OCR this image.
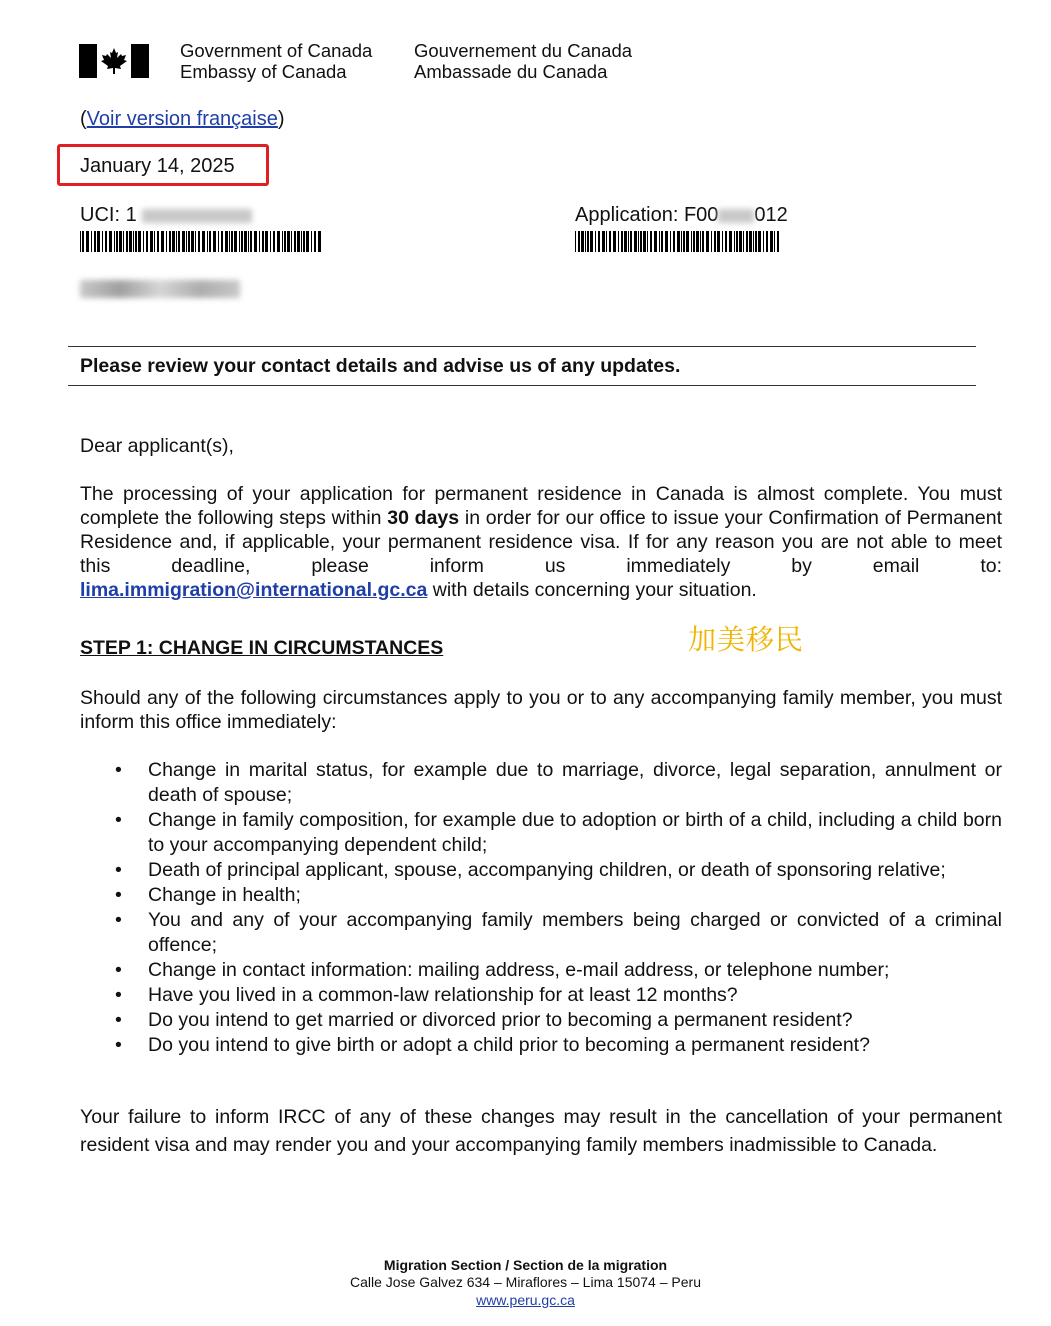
Government of Canada
Embassy of Canada
Gouvernement du Canada
Ambassade du Canada
(Voir version française)
January 14, 2025
UCI: 1	Application: F00 012
Please review your contact details and advise us of any updates.
Dear applicant(s),
The processing of your application for permanent residence in Canada is almost complete. You must complete the following steps within 30 days in order for our office to issue your Confirmation of Permanent Residence and, if applicable, your permanent residence visa. If for any reason you are not able to meet this deadline, please inform us immediately by email to:
lima.immigration@international.gc.ca with details concerning your situation.
STEP 1: CHANGE IN CIRCUMSTANCES	加美移民
Should any of the following circumstances apply to you or to any accompanying family member, you must inform this office immediately:
• Change in marital status, for example due to marriage, divorce, legal separation, annulment or death of spouse;
• Change in family composition, for example due to adoption or birth of a child, including a child born to your accompanying dependent child;
• Death of principal applicant, spouse, accompanying children, or death of sponsoring relative;
• Change in health;
• You and any of your accompanying family members being charged or convicted of a criminal offence;
• Change in contact information: mailing address, e-mail address, or telephone number;
• Have you lived in a common-law relationship for at least 12 months?
• Do you intend to get married or divorced prior to becoming a permanent resident?
• Do you intend to give birth or adopt a child prior to becoming a permanent resident?
Your failure to inform IRCC of any of these changes may result in the cancellation of your permanent resident visa and may render you and your accompanying family members inadmissible to Canada.
Migration Section / Section de la migration
Calle Jose Galvez 634 – Miraflores – Lima 15074 – Peru
www.peru.gc.ca
